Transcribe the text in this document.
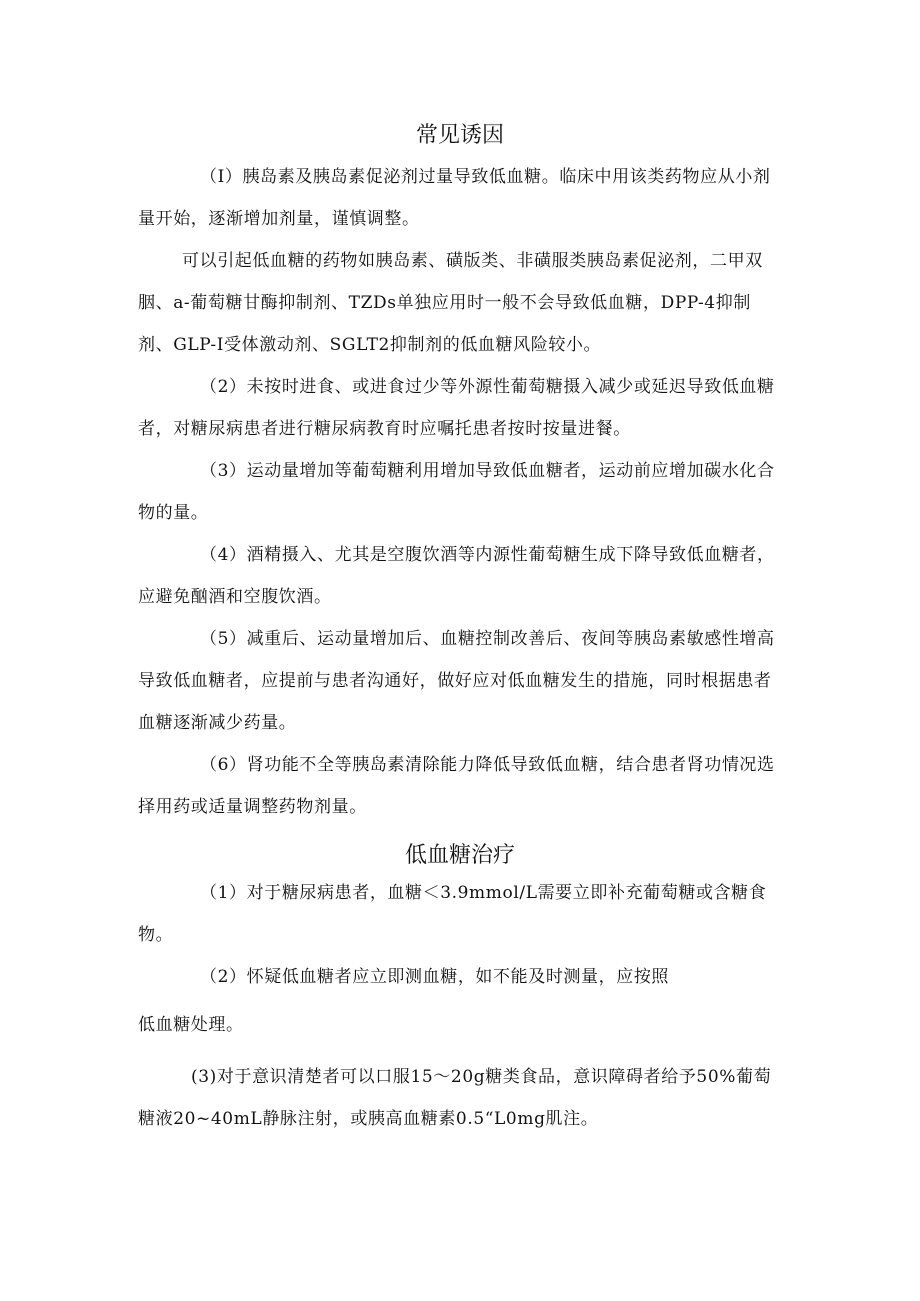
常见诱因

（I）胰岛素及胰岛素促泌剂过量导致低血糖。临床中用该类药物应从小剂量开始，逐渐增加剂量，谨慎调整。

可以引起低血糖的药物如胰岛素、磺版类、非磺服类胰岛素促泌剂，二甲双胭、a-葡萄糖甘酶抑制剂、TZDs单独应用时一般不会导致低血糖，DPP-4抑制剂、GLP-I受体激动剂、SGLT2抑制剂的低血糖风险较小。

（2）未按时进食、或进食过少等外源性葡萄糖摄入减少或延迟导致低血糖者，对糖尿病患者进行糖尿病教育时应嘱托患者按时按量进餐。

（3）运动量增加等葡萄糖利用增加导致低血糖者，运动前应增加碳水化合物的量。

（4）酒精摄入、尤其是空腹饮酒等内源性葡萄糖生成下降导致低血糖者，应避免酗酒和空腹饮酒。

（5）减重后、运动量增加后、血糖控制改善后、夜间等胰岛素敏感性增高导致低血糖者，应提前与患者沟通好，做好应对低血糖发生的措施，同时根据患者血糖逐渐减少药量。

（6）肾功能不全等胰岛素清除能力降低导致低血糖，结合患者肾功情况选择用药或适量调整药物剂量。

低血糖治疗

（1）对于糖尿病患者，血糖＜3.9mmol/L需要立即补充葡萄糖或含糖食物。

（2）怀疑低血糖者应立即测血糖，如不能及时测量，应按照

低血糖处理。

(3)对于意识清楚者可以口服15～20g糖类食品，意识障碍者给予50%葡萄糖液20~40mL静脉注射，或胰高血糖素0.5“L0mg肌注。
